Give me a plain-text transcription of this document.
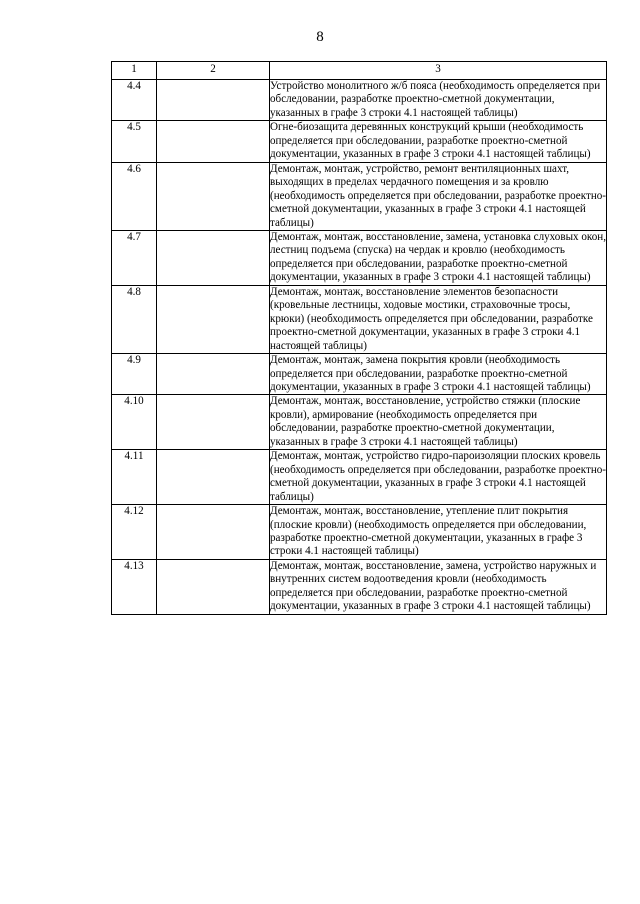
8
1	2	3
4.4		Устройство монолитного ж/б пояса (необходимость определяется при обследовании, разработке проектно-сметной документации, указанных в графе 3 строки 4.1 настоящей таблицы)
4.5		Огне-биозащита деревянных конструкций крыши (необходимость определяется при обследовании, разработке проектно-сметной документации, указанных в графе 3 строки 4.1 настоящей таблицы)
4.6		Демонтаж, монтаж, устройство, ремонт вентиляционных шахт, выходящих в пределах чердачного помещения и за кровлю (необходимость определяется при обследовании, разработке проектно-сметной документации, указанных в графе 3 строки 4.1 настоящей таблицы)
4.7		Демонтаж, монтаж, восстановление, замена, установка слуховых окон, лестниц подъема (спуска) на чердак и кровлю (необходимость определяется при обследовании, разработке проектно-сметной документации, указанных в графе 3 строки 4.1 настоящей таблицы)
4.8		Демонтаж, монтаж, восстановление элементов безопасности (кровельные лестницы, ходовые мостики, страховочные тросы, крюки) (необходимость определяется при обследовании, разработке проектно-сметной документации, указанных в графе 3 строки 4.1 настоящей таблицы)
4.9		Демонтаж, монтаж, замена покрытия кровли (необходимость определяется при обследовании, разработке проектно-сметной документации, указанных в графе 3 строки 4.1 настоящей таблицы)
4.10		Демонтаж, монтаж, восстановление, устройство стяжки (плоские кровли), армирование (необходимость определяется при обследовании, разработке проектно-сметной документации, указанных в графе 3 строки 4.1 настоящей таблицы)
4.11		Демонтаж, монтаж, устройство гидро-пароизоляции плоских кровель (необходимость определяется при обследовании, разработке проектно-сметной документации, указанных в графе 3 строки 4.1 настоящей таблицы)
4.12		Демонтаж, монтаж, восстановление, утепление плит покрытия (плоские кровли) (необходимость определяется при обследовании, разработке проектно-сметной документации, указанных в графе 3 строки 4.1 настоящей таблицы)
4.13		Демонтаж, монтаж, восстановление, замена, устройство наружных и внутренних систем водоотведения кровли (необходимость определяется при обследовании, разработке проектно-сметной документации, указанных в графе 3 строки 4.1 настоящей таблицы)
